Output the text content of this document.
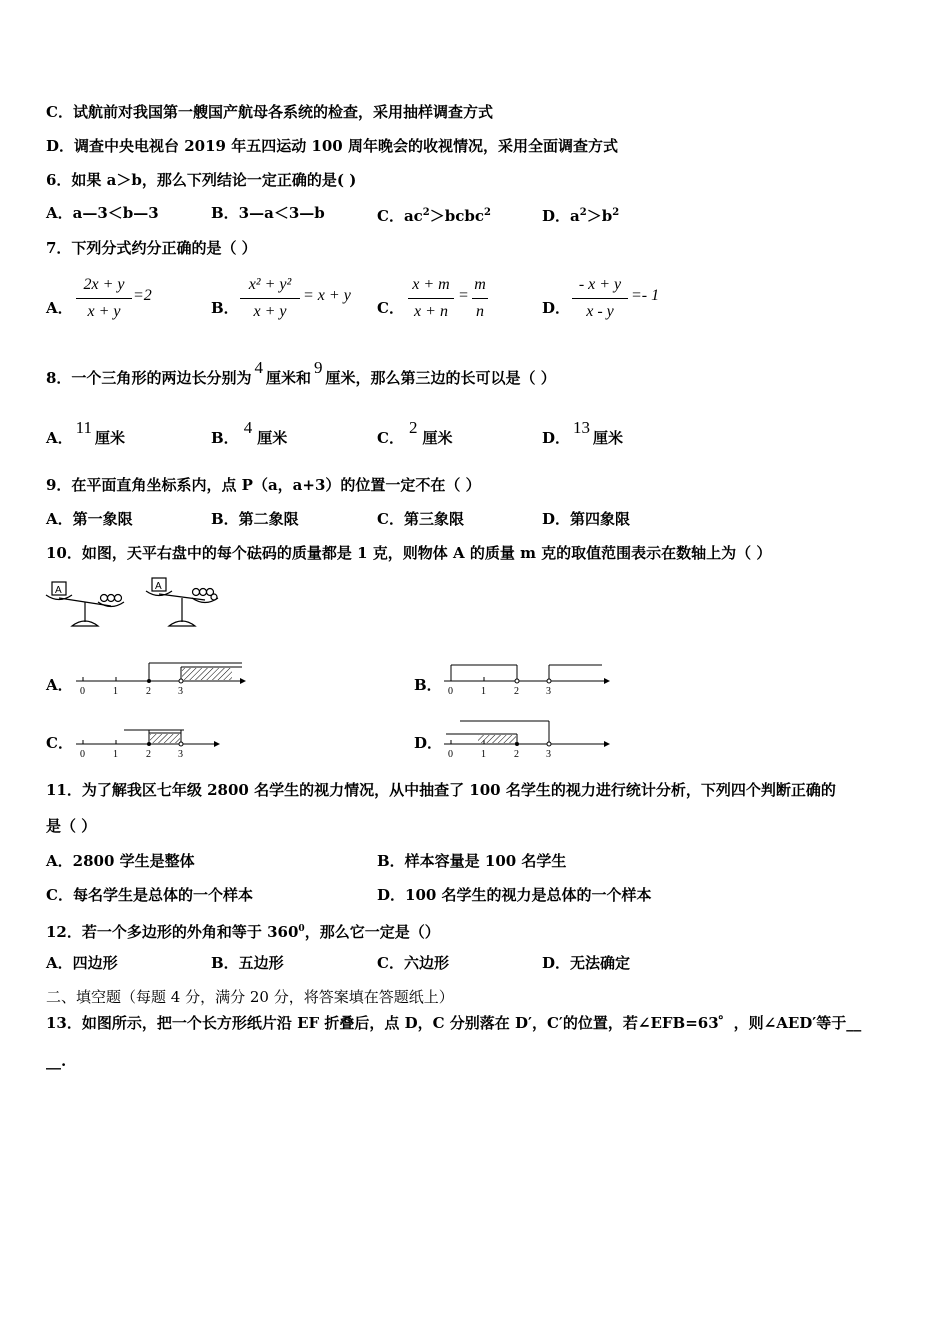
C．试航前对我国第一艘国产航母各系统的检查，采用抽样调查方式
D．调查中央电视台 2019 年五四运动 100 周年晚会的收视情况，采用全面调查方式
6．如果 a＞b，那么下列结论一定正确的是( )
A．a—3＜b—3	B．3—a＜3—b	C．$ac^2>bcbc^2$	D．$a^2>b^2$
7．下列分式约分正确的是（ ）
A．
2x + y
x + y
=2
B．
x² + y²
x + y
= x + y
C．
x + m
x + n
=
m
n	D．
- x + y
x - y
=- 1
8．一个三角形的两边长分别为4厘米和9厘米，那么第三边的长可以是（ ）
A．11厘米	B．4厘米	C．2厘米	D．13厘米
9．在平面直角坐标系内，点 P（a，a+3）的位置一定不在（ ）
A．第一象限	B．第二象限	C．第三象限	D．第四象限
10．如图，天平右盘中的每个砝码的质量都是 1 克，则物体 A 的质量 m 克的取值范围表示在数轴上为（ ）
A	A
A． 0	1	2	3	B． 0	1	2	3
C．
0	1	2	3
D．
0	1	2	3
11．为了解我区七年级 2800 名学生的视力情况，从中抽查了 100 名学生的视力进行统计分析，下列四个判断正确的
是（ ）
A．2800 学生是整体	B．样本容量是 100 名学生
C．每名学生是总体的一个样本	D．100 名学生的视力是总体的一个样本
12．若一个多边形的外角和等于 $360^0$，那么它一定是（）
A．四边形	B．五边形	C．六边形	D．无法确定
二、填空题（每题 4 分，满分 20 分，将答案填在答题纸上）
13．如图所示，把一个长方形纸片沿 EF 折叠后，点 D，C 分别落在 D′，C′的位置，若∠EFB=63゜，则∠AED′等于__
__.
